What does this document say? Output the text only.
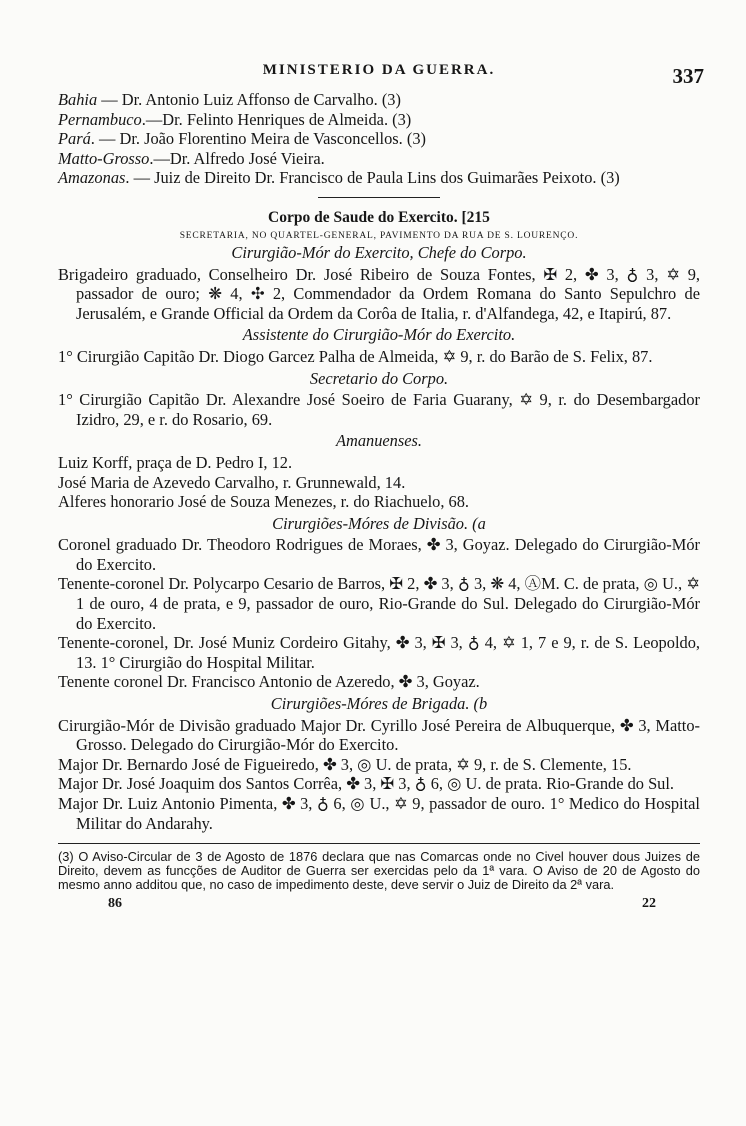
MINISTERIO DA GUERRA.	337

Bahia — Dr. Antonio Luiz Affonso de Carvalho. (3)

Pernambuco.—Dr. Felinto Henriques de Almeida. (3)

Pará. — Dr. João Florentino Meira de Vasconcellos. (3)

Matto-Grosso.—Dr. Alfredo José Vieira.

Amazonas. — Juiz de Direito Dr. Francisco de Paula Lins dos Guimarães Peixoto. (3)

Corpo de Saude do Exercito. [215
SECRETARIA, NO QUARTEL-GENERAL, PAVIMENTO DA RUA DE S. LOURENÇO.
Cirurgião-Mór do Exercito, Chefe do Corpo.

Brigadeiro graduado, Conselheiro Dr. José Ribeiro de Souza Fontes, ✠ 2, ✤ 3, ♁ 3, ✡ 9, passador de ouro; ❋ 4, ✣ 2, Commendador da Ordem Romana do Santo Sepulchro de Jerusalém, e Grande Official da Ordem da Corôa de Italia, r. d'Alfandega, 42, e Itapirú, 87.

Assistente do Cirurgião-Mór do Exercito.

1° Cirurgião Capitão Dr. Diogo Garcez Palha de Almeida, ✡ 9, r. do Barão de S. Felix, 87.

Secretario do Corpo.

1° Cirurgião Capitão Dr. Alexandre José Soeiro de Faria Guarany, ✡ 9, r. do Desembargador Izidro, 29, e r. do Rosario, 69.

Amanuenses.

Luiz Korff, praça de D. Pedro I, 12.

José Maria de Azevedo Carvalho, r. Grunnewald, 14.

Alferes honorario José de Souza Menezes, r. do Riachuelo, 68.

Cirurgiões-Móres de Divisão. (a

Coronel graduado Dr. Theodoro Rodrigues de Moraes, ✤ 3, Goyaz. Delegado do Cirurgião-Mór do Exercito.

Tenente-coronel Dr. Polycarpo Cesario de Barros, ✠ 2, ✤ 3, ♁ 3, ❋ 4, ⒶM. C. de prata, ◎ U., ✡ 1 de ouro, 4 de prata, e 9, passador de ouro, Rio-Grande do Sul. Delegado do Cirurgião-Mór do Exercito.

Tenente-coronel, Dr. José Muniz Cordeiro Gitahy, ✤ 3, ✠ 3, ♁ 4, ✡ 1, 7 e 9, r. de S. Leopoldo, 13. 1° Cirurgião do Hospital Militar.

Tenente coronel Dr. Francisco Antonio de Azeredo, ✤ 3, Goyaz.

Cirurgiões-Móres de Brigada. (b

Cirurgião-Mór de Divisão graduado Major Dr. Cyrillo José Pereira de Albuquerque, ✤ 3, Matto-Grosso. Delegado do Cirurgião-Mór do Exercito.

Major Dr. Bernardo José de Figueiredo, ✤ 3, ◎ U. de prata, ✡ 9, r. de S. Clemente, 15.

Major Dr. José Joaquim dos Santos Corrêa, ✤ 3, ✠ 3, ♁ 6, ◎ U. de prata. Rio-Grande do Sul.

Major Dr. Luiz Antonio Pimenta, ✤ 3, ♁ 6, ◎ U., ✡ 9, passador de ouro. 1° Medico do Hospital Militar do Andarahy.

(3) O Aviso-Circular de 3 de Agosto de 1876 declara que nas Comarcas onde no Civel houver dous Juizes de Direito, devem as funcções de Auditor de Guerra ser exercidas pelo da 1ª vara. O Aviso de 20 de Agosto do mesmo anno additou que, no caso de impedimento deste, deve servir o Juiz de Direito da 2ª vara.
86	22
